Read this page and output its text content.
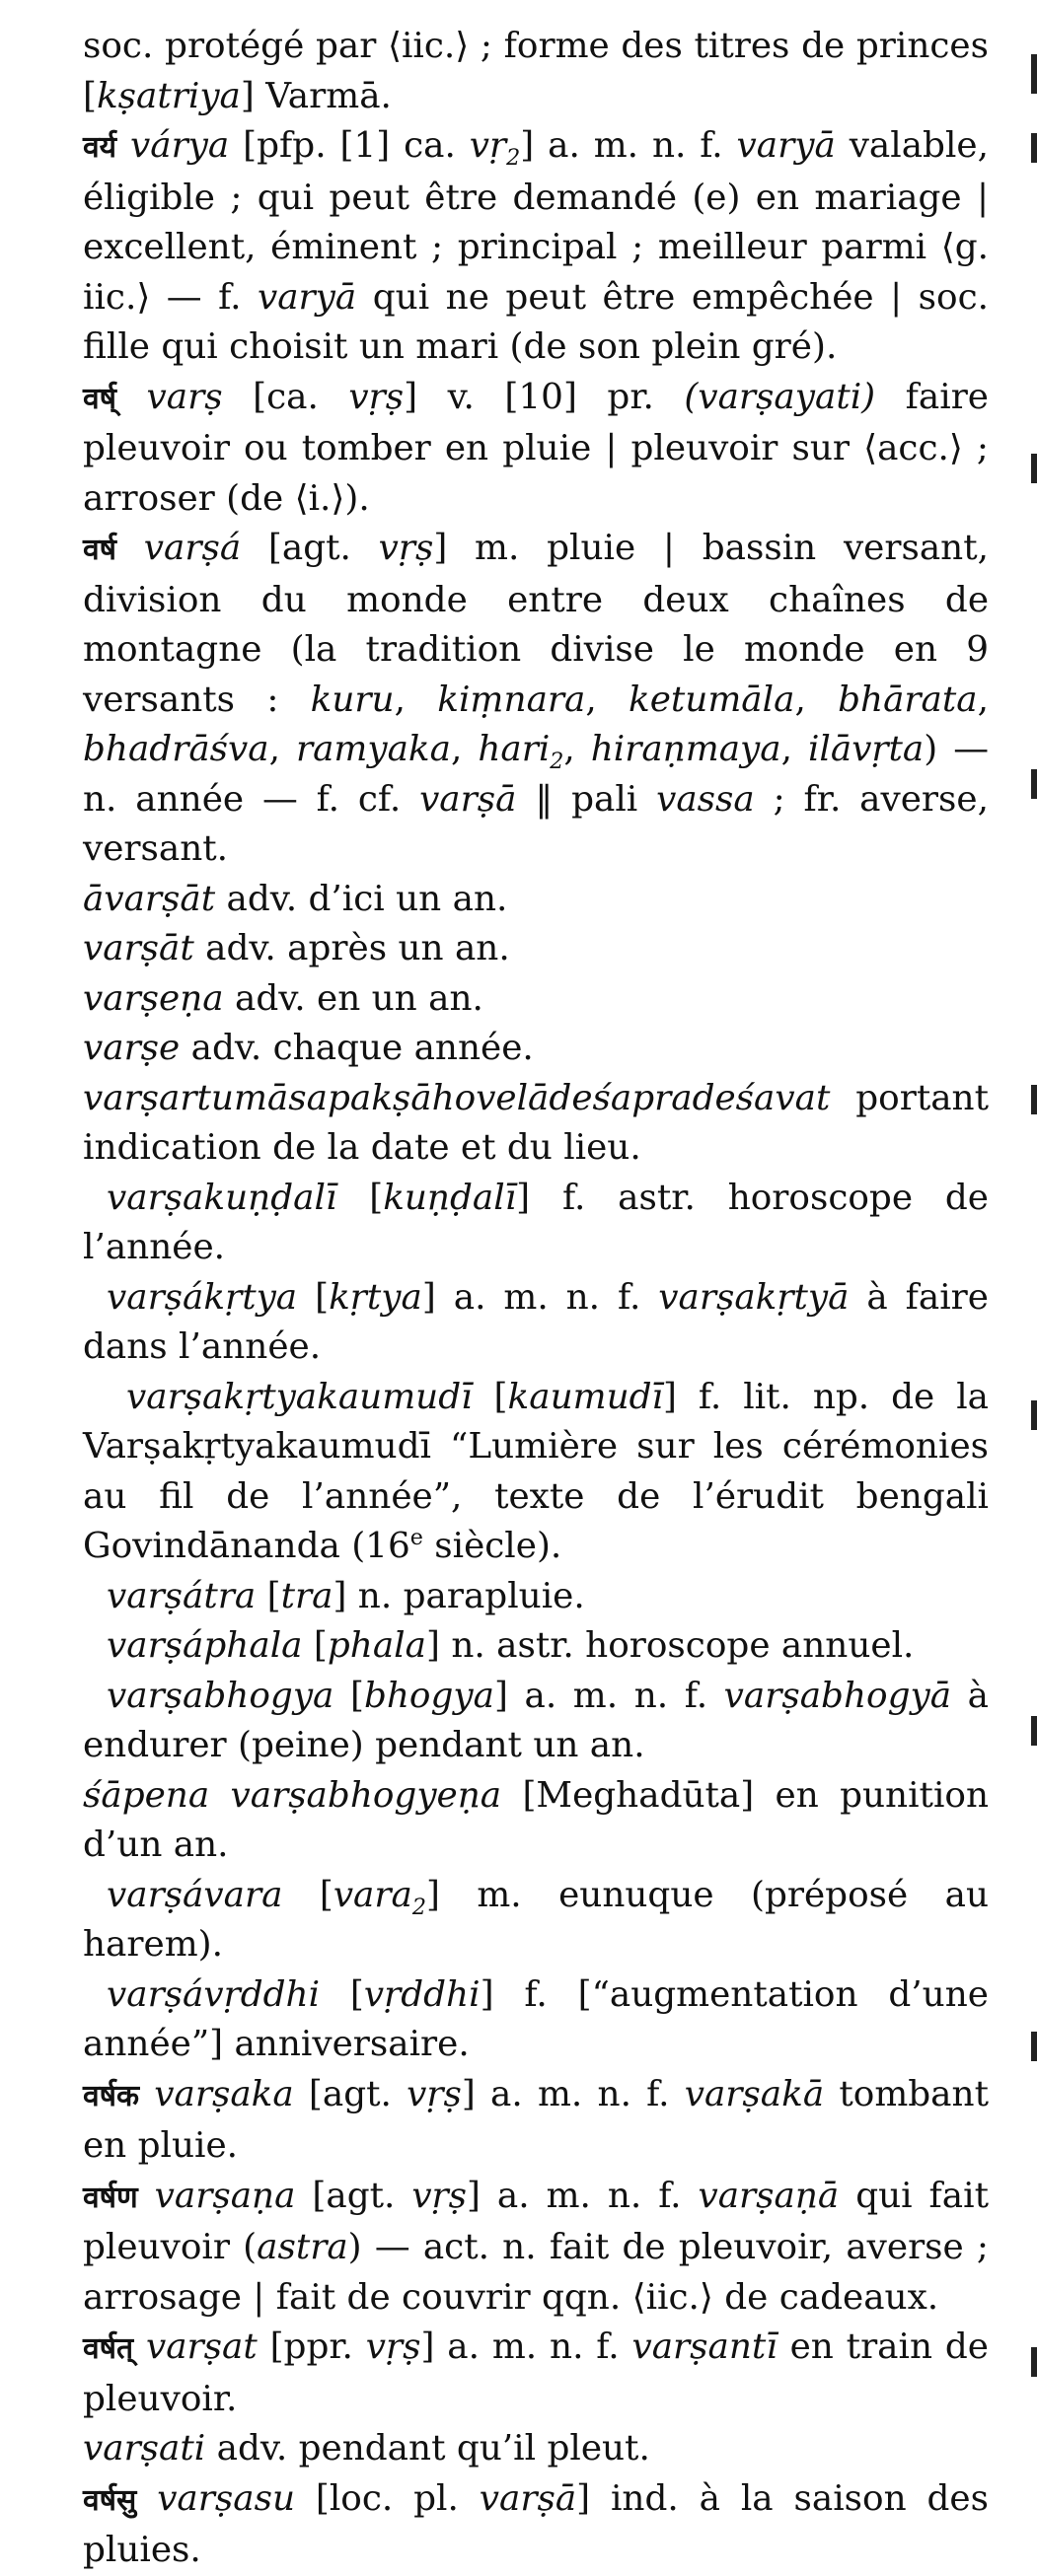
soc. protégé par ⟨iic.⟩ ; forme des titres de princes [kṣatriya] Varmā.

वर्य várya [pfp. [1] ca. vṛ$_2$] a. m. n. f. varyā valable, éligible ; qui peut être demandé (e) en mariage | excellent, éminent ; principal ; meilleur parmi ⟨g. iic.⟩ — f. varyā qui ne peut être empêchée | soc. fille qui choisit un mari (de son plein gré).

वर्ष् varṣ [ca. vṛṣ] v. [10] pr. (varṣayati) faire pleuvoir ou tomber en pluie | pleuvoir sur ⟨acc.⟩ ; arroser (de ⟨i.⟩).

वर्ष varṣá [agt. vṛṣ] m. pluie | bassin versant, division du monde entre deux chaînes de montagne (la tradition divise le monde en 9 versants : kuru, kiṃnara, ketumāla, bhārata, bhadrāśva, ramyaka, hari$_2$, hiraṇmaya, ilāvṛta) — n. année — f. cf. varṣā ‖ pali vassa ; fr. averse, versant.

āvarṣāt adv. d’ici un an.

varṣāt adv. après un an.

varṣeṇa adv. en un an.

varṣe adv. chaque année.

varṣartumāsapakṣāhovelādeśapradeśavat portant indication de la date et du lieu.

varṣakuṇḍalī [kuṇḍalī] f. astr. horoscope de l’année.

varṣákṛtya [kṛtya] a. m. n. f. varṣakṛtyā à faire dans l’année.

varṣakṛtyakaumudī [kaumudī] f. lit. np. de la Varṣakṛtyakaumudī “Lumière sur les cérémonies au fil de l’année”, texte de l’érudit bengali Govindānanda (16e siècle).

varṣátra [tra] n. parapluie.

varṣáphala [phala] n. astr. horoscope annuel.

varṣabhogya [bhogya] a. m. n. f. varṣabhogyā à endurer (peine) pendant un an.

śāpena varṣabhogyeṇa [Meghadūta] en punition d’un an.

varṣávara [vara$_2$] m. eunuque (préposé au harem).

varṣávṛddhi [vṛddhi] f. [“augmentation d’une année”] anniversaire.

वर्षक varṣaka [agt. vṛṣ] a. m. n. f. varṣakā tombant en pluie.

वर्षण varṣaṇa [agt. vṛṣ] a. m. n. f. varṣaṇā qui fait pleuvoir (astra) — act. n. fait de pleuvoir, averse ; arrosage | fait de couvrir qqn. ⟨iic.⟩ de cadeaux.

वर्षत् varṣat [ppr. vṛṣ] a. m. n. f. varṣantī en train de pleuvoir.

varṣati adv. pendant qu’il pleut.

वर्षसु varṣasu [loc. pl. varṣā] ind. à la saison des pluies.
